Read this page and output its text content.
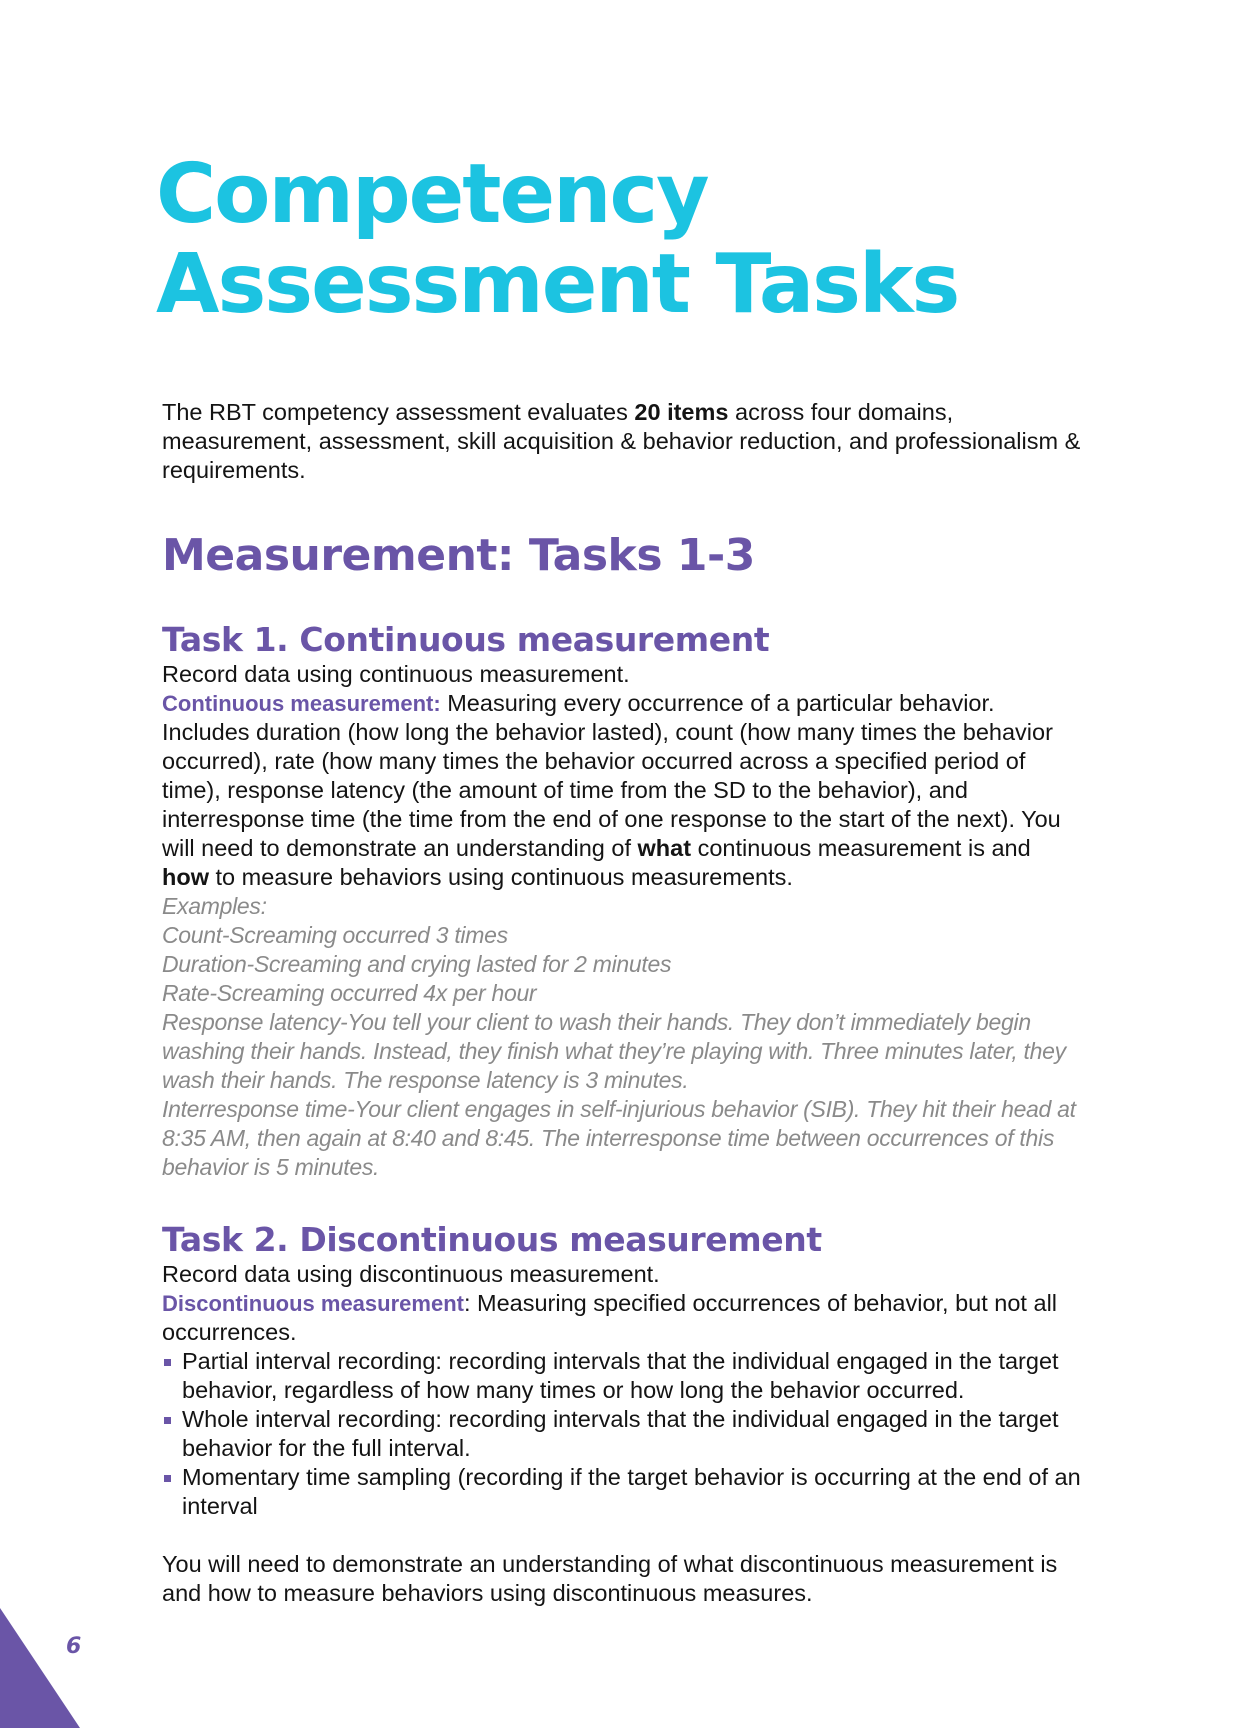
Competency
Assessment Tasks

The RBT competency assessment evaluates 20 items across four domains, measurement, assessment, skill acquisition & behavior reduction, and professionalism & requirements.

Measurement: Tasks 1-3
Task 1. Continuous measurement

Record data using continuous measurement.

Continuous measurement: Measuring every occurrence of a particular behavior. Includes duration (how long the behavior lasted), count (how many times the behavior occurred), rate (how many times the behavior occurred across a specified period of time), response latency (the amount of time from the SD to the behavior), and interresponse time (the time from the end of one response to the start of the next). You will need to demonstrate an understanding of what continuous measurement is and how to measure behaviors using continuous measurements.

Examples:
Count-Screaming occurred 3 times
Duration-Screaming and crying lasted for 2 minutes
Rate-Screaming occurred 4x per hour
Response latency-You tell your client to wash their hands. They don’t immediately begin washing their hands. Instead, they finish what they’re playing with. Three minutes later, they wash their hands. The response latency is 3 minutes.
Interresponse time-Your client engages in self-injurious behavior (SIB). They hit their head at 8:35 AM, then again at 8:40 and 8:45. The interresponse time between occurrences of this behavior is 5 minutes.
Task 2. Discontinuous measurement

Record data using discontinuous measurement.

Discontinuous measurement: Measuring specified occurrences of behavior, but not all occurrences.

Partial interval recording: recording intervals that the individual engaged in the target behavior, regardless of how many times or how long the behavior occurred.
Whole interval recording: recording intervals that the individual engaged in the target behavior for the full interval.
Momentary time sampling (recording if the target behavior is occurring at the end of an interval

You will need to demonstrate an understanding of what discontinuous measurement is and how to measure behaviors using discontinuous measures.

6
